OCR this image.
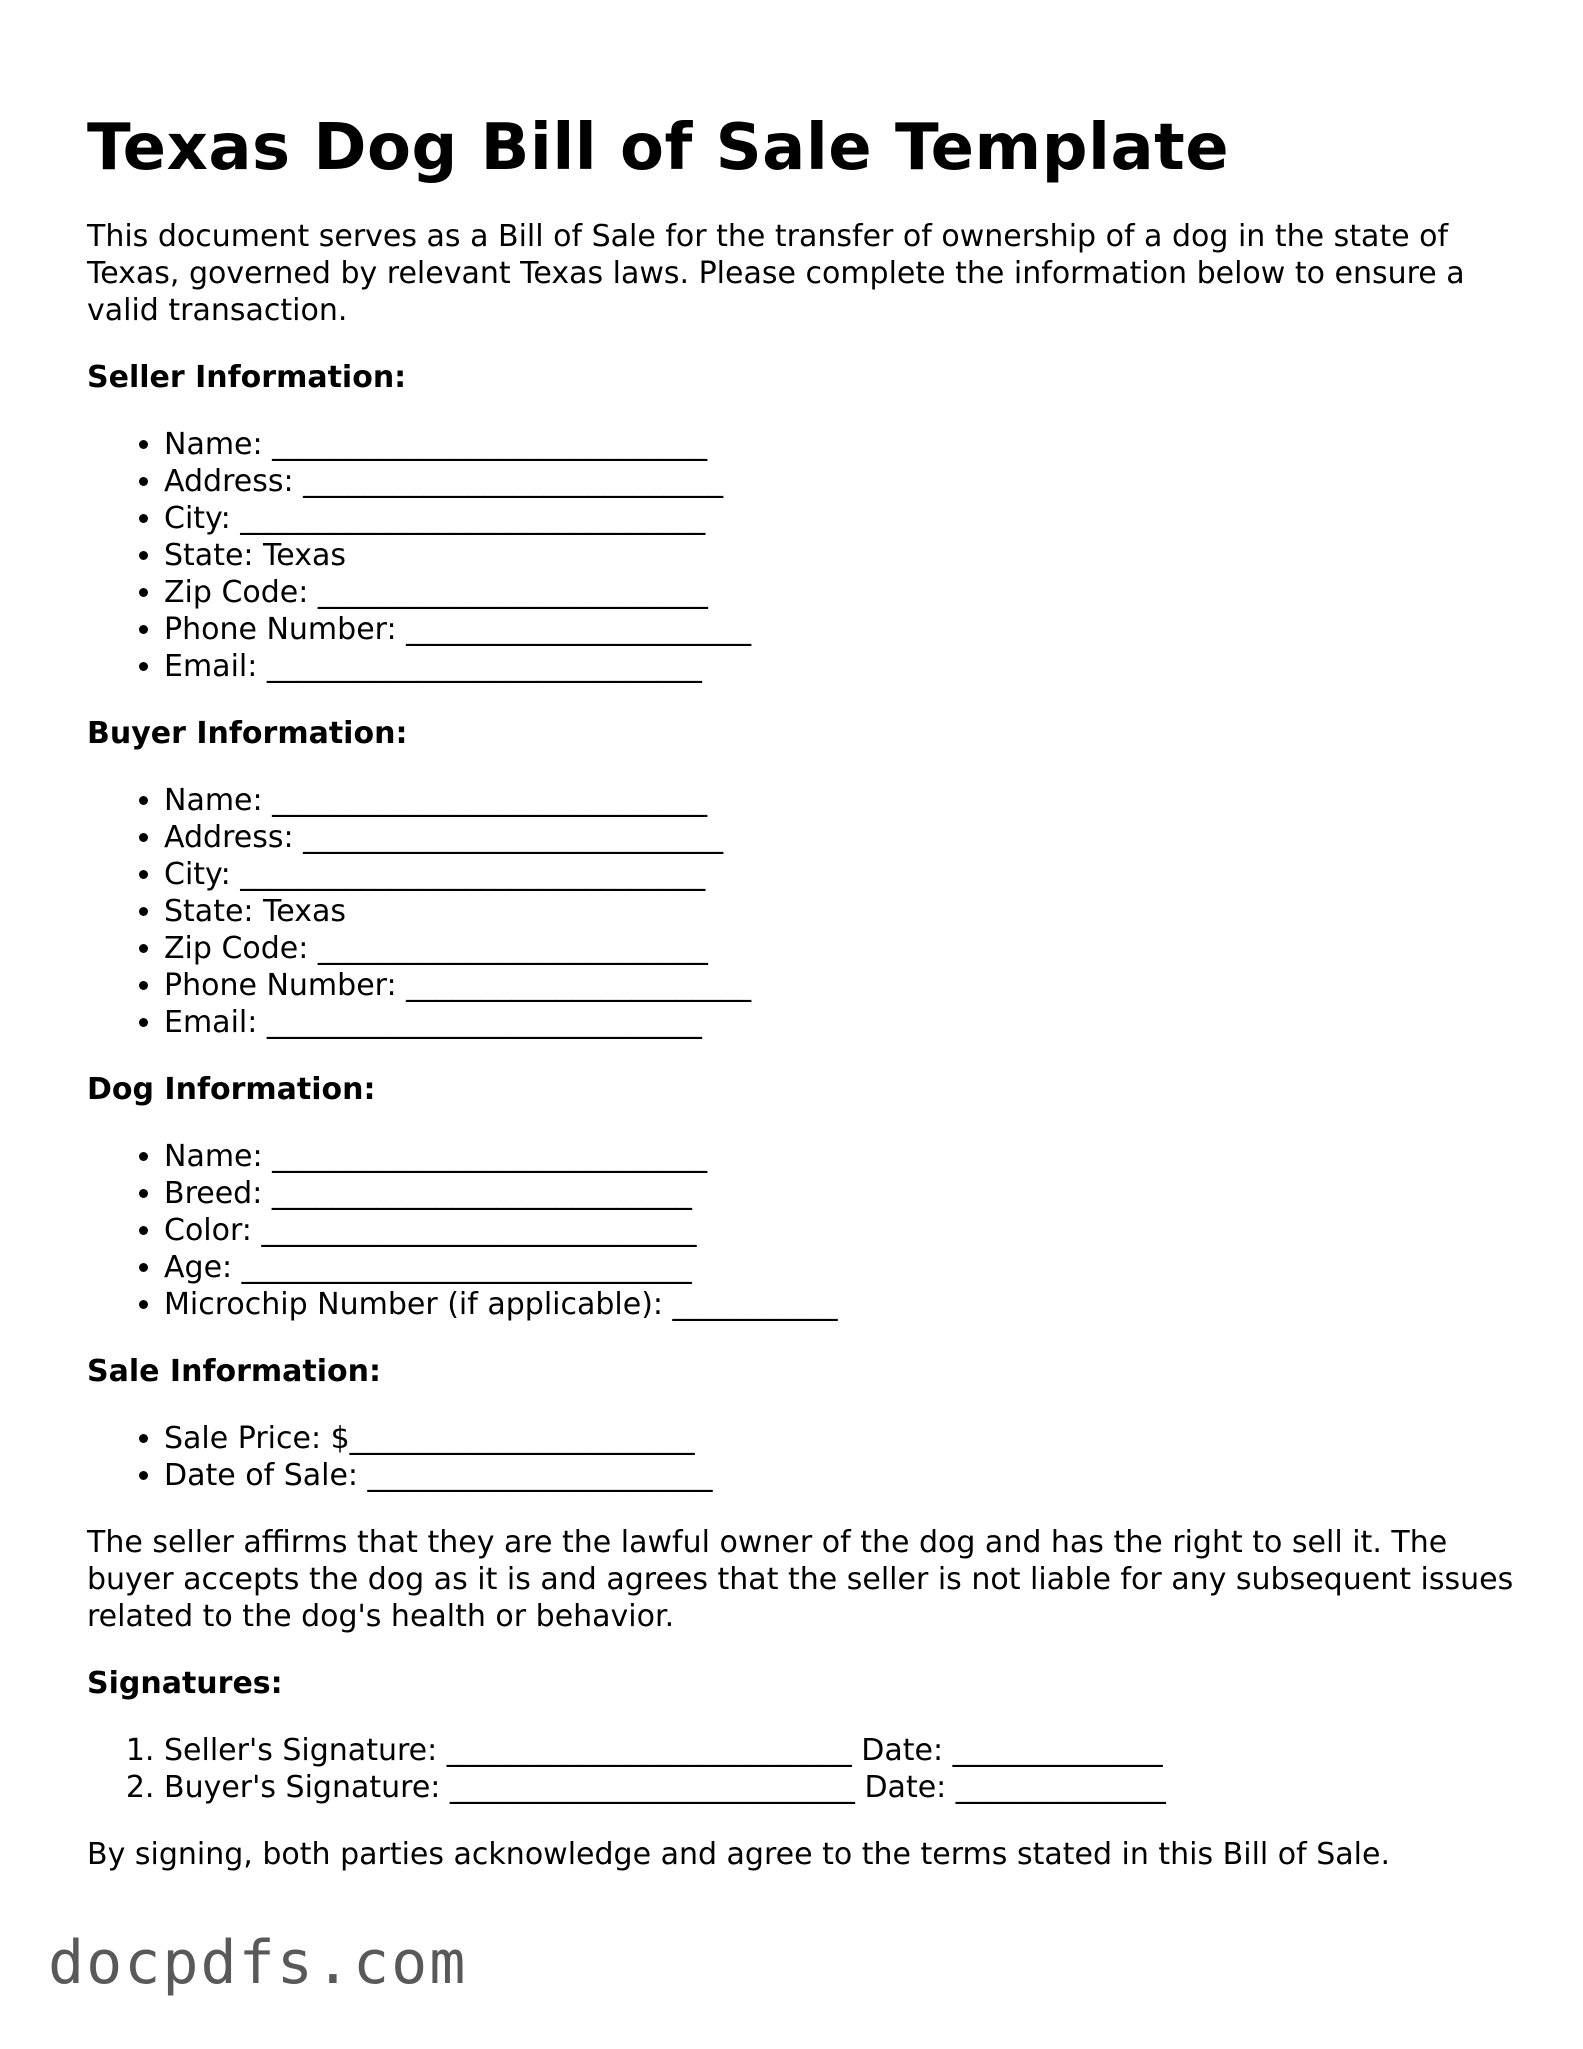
Texas Dog Bill of Sale Template

This document serves as a Bill of Sale for the transfer of ownership of a dog in the state of Texas, governed by relevant Texas laws. Please complete the information below to ensure a valid transaction.

Seller Information:
• Name: _____________________________
• Address: ____________________________
• City: _______________________________
• State: Texas
• Zip Code: __________________________
• Phone Number: _______________________
• Email: _____________________________
Buyer Information:
• Name: _____________________________
• Address: ____________________________
• City: _______________________________
• State: Texas
• Zip Code: __________________________
• Phone Number: _______________________
• Email: _____________________________
Dog Information:
• Name: _____________________________
• Breed: ____________________________
• Color: _____________________________
• Age: ______________________________
• Microchip Number (if applicable): ___________
Sale Information:
• Sale Price: $_______________________
• Date of Sale: _______________________

The seller affirms that they are the lawful owner of the dog and has the right to sell it. The buyer accepts the dog as it is and agrees that the seller is not liable for any subsequent issues related to the dog's health or behavior.

Signatures:
1. Seller's Signature: ___________________________ Date: ______________
2. Buyer's Signature: ___________________________ Date: ______________

By signing, both parties acknowledge and agree to the terms stated in this Bill of Sale.

docpdfs.com
